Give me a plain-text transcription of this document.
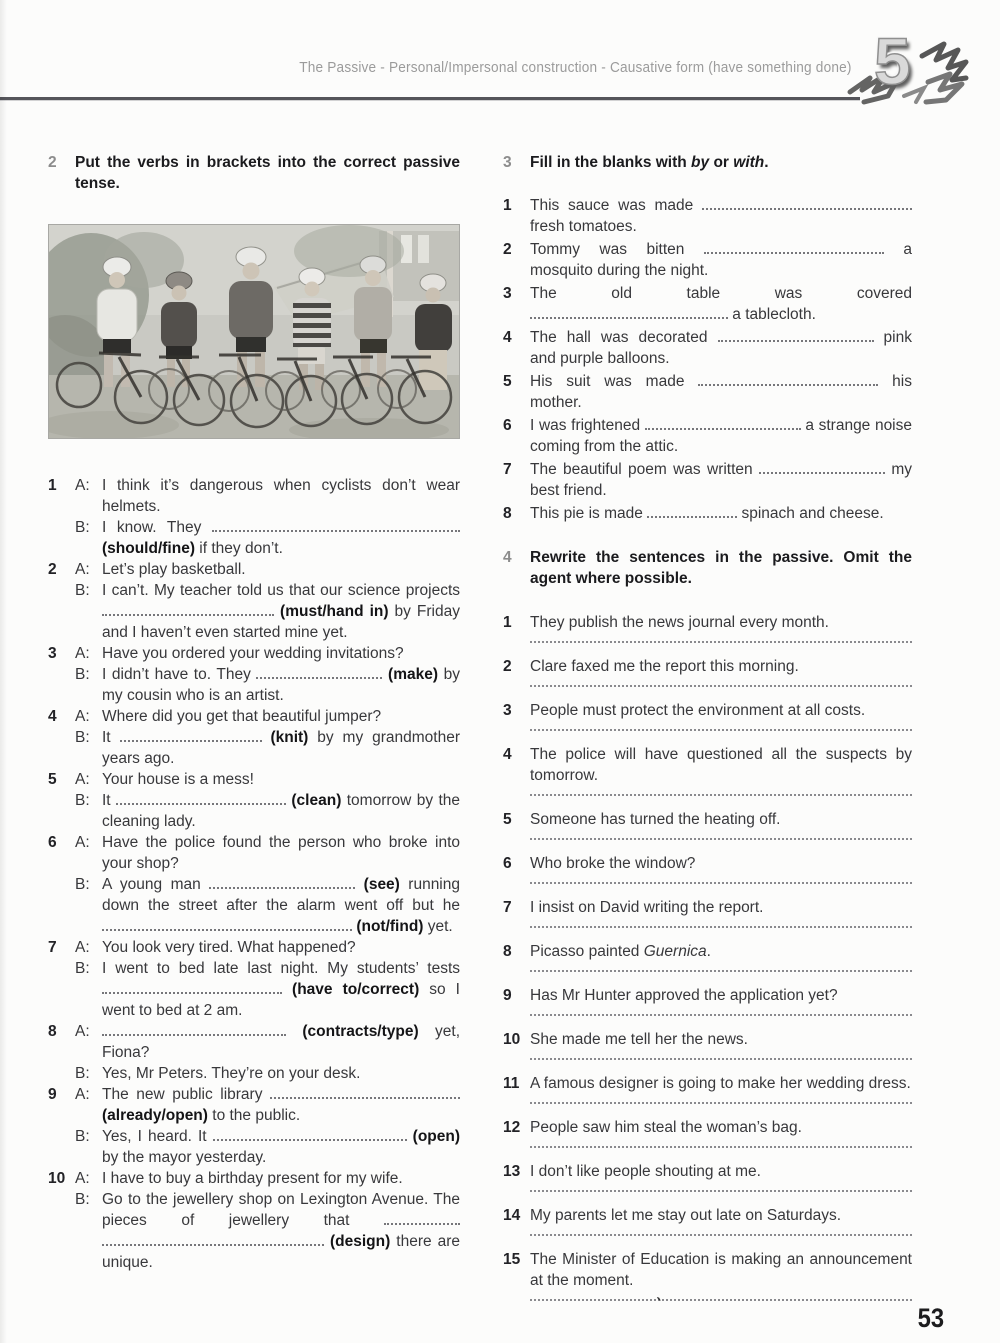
The Passive - Personal/Impersonal construction - Causative form (have something done) 5
2	Put the verbs in brackets into the correct passive tense.
1	A: I think it’s dangerous when cyclists don’t wear helmets.
B: I know. They  (should/fine) if they don’t.
2	A: Let’s play basketball.
B: I can’t. My teacher told us that our science projects  (must/hand in) by Friday and I haven’t even started mine yet.
3	A: Have you ordered your wedding invitations?
B: I didn’t have to. They	(make) by my cousin who is an artist.
4	A: Where did you get that beautiful jumper?
B: It	(knit) by my grandmother years ago.
5	A: Your house is a mess!
B: It	(clean) tomorrow by the cleaning lady.
6	A: Have the police found the person who broke into your shop?
B: A young man	(see) running down the street after the alarm went off but he  (not/find) yet.
7	A: You look very tired. What happened?
B: I went to bed late last night. My students’ tests  (have to/correct) so I went to bed at 2 am.
8	A:	(contracts/type) yet, Fiona?
B: Yes, Mr Peters. They’re on your desk.
9	A: The new public library  (already/open) to the public.
B: Yes, I heard. It	(open) by the mayor yesterday.
10 A: I have to buy a birthday present for my wife.
B: Go to the jewellery shop on Lexington Avenue. The pieces of jewellery that   (design) there are unique.
3	Fill in the blanks with by or with.
1	This sauce was made  fresh tomatoes.
2	Tommy was bitten	a mosquito during the night.
3	The old table was covered  a tablecloth.
4	The hall was decorated	pink and purple balloons.
5	His suit was made	his mother.
6	I was frightened	a strange noise coming from the attic.
7	The beautiful poem was written	my best friend.
8	This pie is made	spinach and cheese.
4	Rewrite the sentences in the passive. Omit the agent where possible.
1	They publish the news journal every month.
2	Clare faxed me the report this morning.
3	People must protect the environment at all costs.
4	The police will have questioned all the suspects by tomorrow.
5	Someone has turned the heating off.
6	Who broke the window?
7	I insist on David writing the report.
8	Picasso painted Guernica.
9	Has Mr Hunter approved the application yet?
10 She made me tell her the news.
11 A famous designer is going to make her wedding dress.
12 People saw him steal the woman’s bag.
13 I don’t like people shouting at me.
14 My parents let me stay out late on Saturdays.
15 The Minister of Education is making an announcement at the moment.
`	53
